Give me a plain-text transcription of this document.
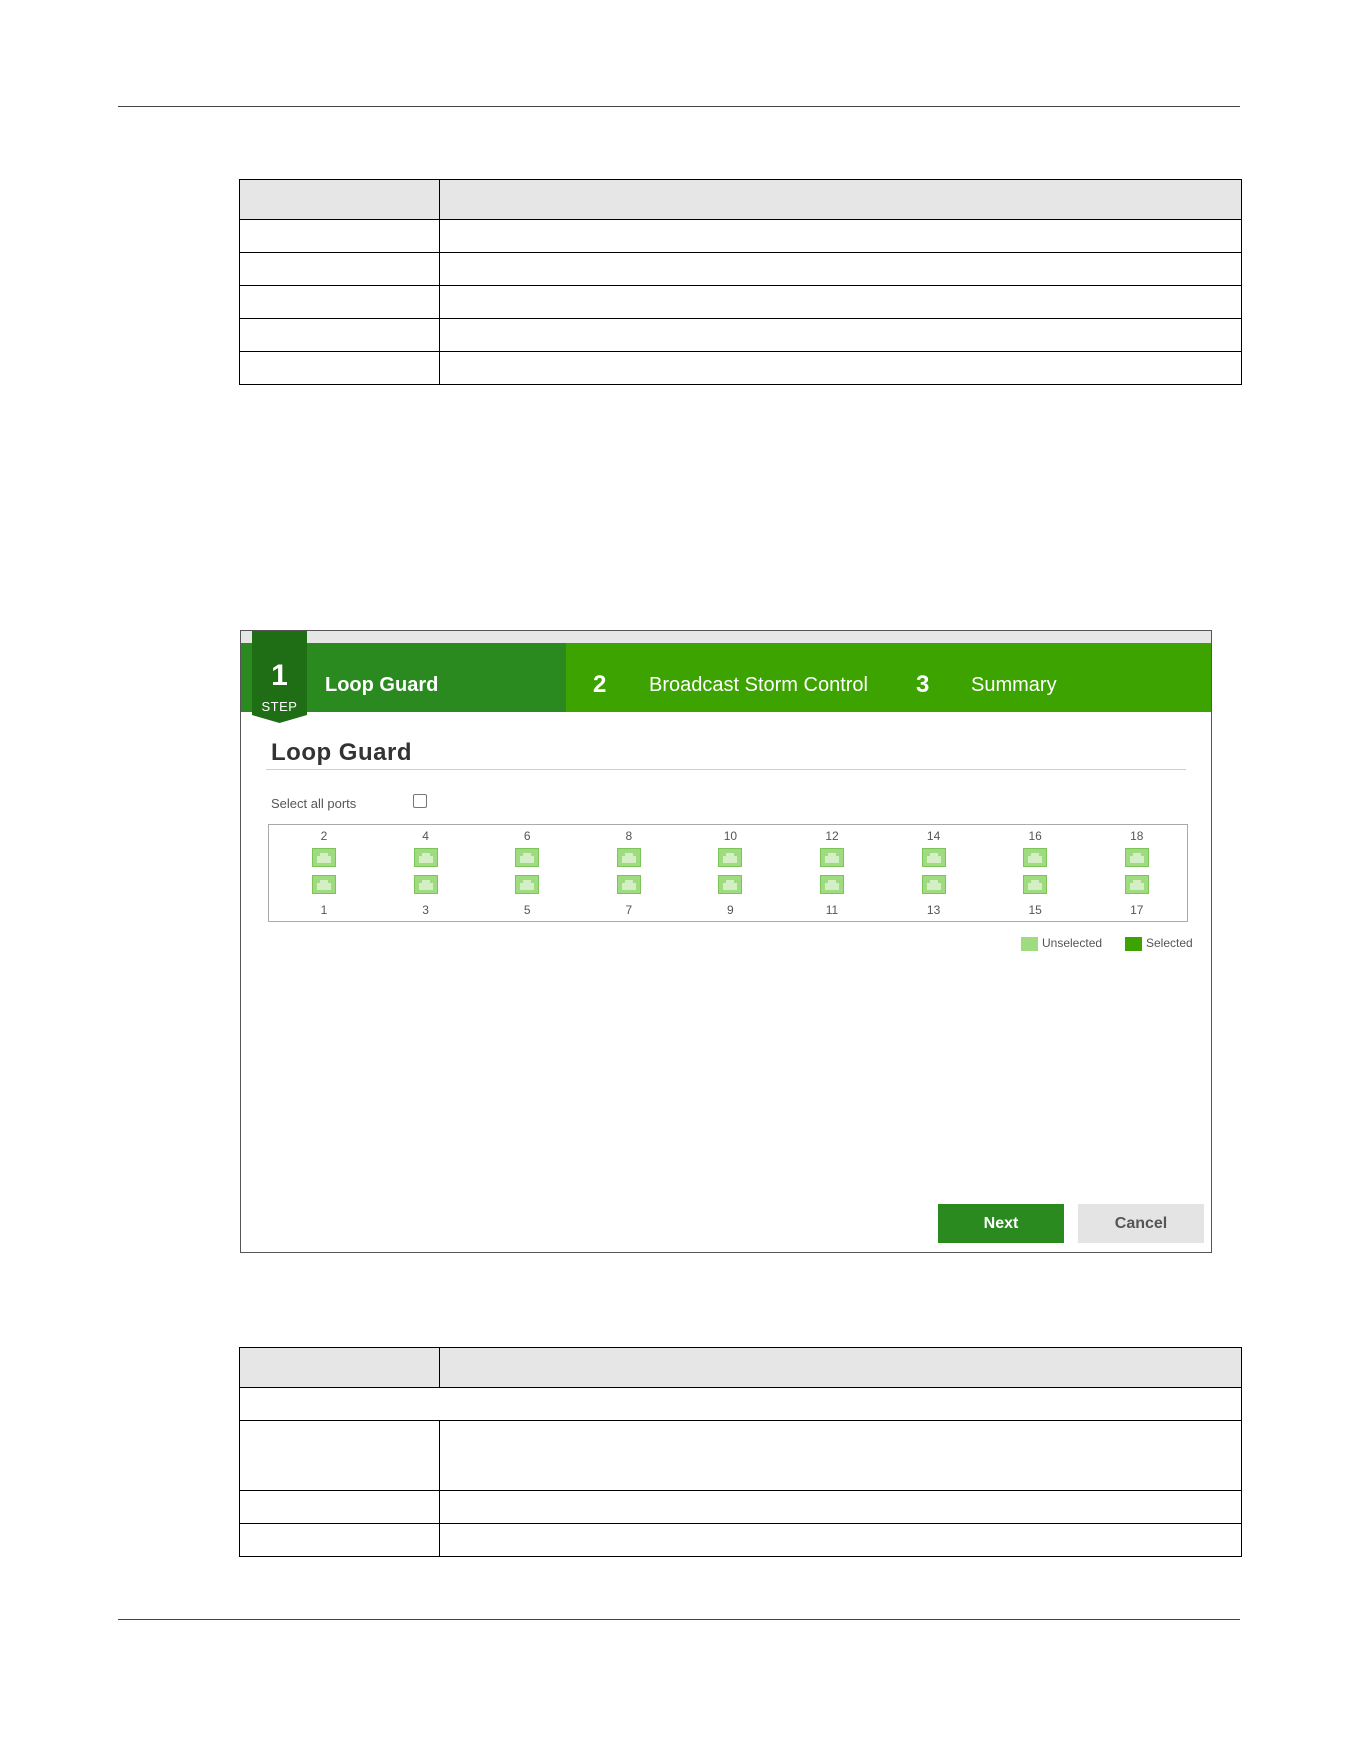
Loop Guard	2 Broadcast Storm Control 3 Summary
1
STEP
Loop Guard
Select all ports
2
1
4
3
6
5
8
7
10
9
12
11
14
13
16
15
18
17
Unselected	Selected
Next	Cancel
